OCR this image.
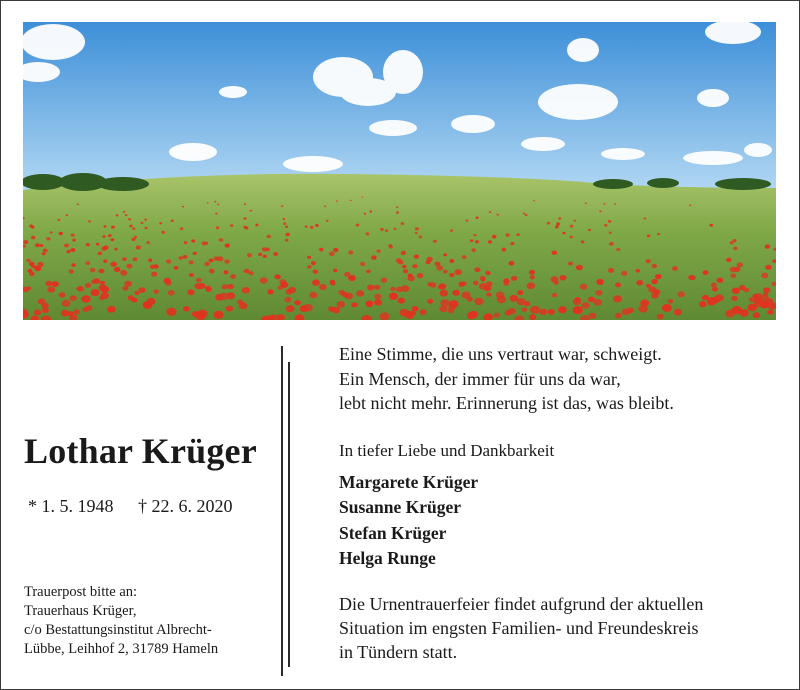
Lothar Krüger
* 1. 5. 1948 † 22. 6. 2020
Trauerpost bitte an:
Trauerhaus Krüger,
c/o Bestattungsinstitut Albrecht-
Lübbe, Leihhof 2, 31789 Hameln
Eine Stimme, die uns vertraut war, schweigt.
Ein Mensch, der immer für uns da war,
lebt nicht mehr. Erinnerung ist das, was bleibt.
In tiefer Liebe und Dankbarkeit
Margarete Krüger
Susanne Krüger
Stefan Krüger
Helga Runge
Die Urnentrauerfeier findet aufgrund der aktuellen
Situation im engsten Familien- und Freundeskreis
in Tündern statt.
